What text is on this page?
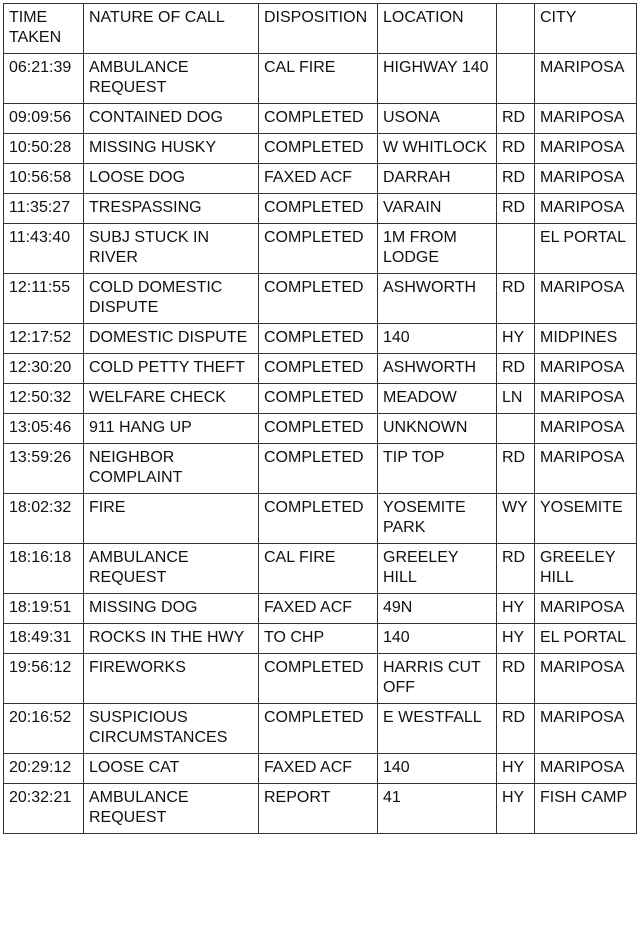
TIME TAKEN	NATURE OF CALL	DISPOSITION	LOCATION		CITY
06:21:39	AMBULANCE REQUEST	CAL FIRE	HIGHWAY 140		MARIPOSA
09:09:56	CONTAINED DOG	COMPLETED	USONA	RD	MARIPOSA
10:50:28	MISSING HUSKY	COMPLETED	W WHITLOCK	RD	MARIPOSA
10:56:58	LOOSE DOG	FAXED ACF	DARRAH	RD	MARIPOSA
11:35:27	TRESPASSING	COMPLETED	VARAIN	RD	MARIPOSA
11:43:40	SUBJ STUCK IN RIVER	COMPLETED	1M FROM LODGE		EL PORTAL
12:11:55	COLD DOMESTIC DISPUTE	COMPLETED	ASHWORTH	RD	MARIPOSA
12:17:52	DOMESTIC DISPUTE	COMPLETED	140	HY	MIDPINES
12:30:20	COLD PETTY THEFT	COMPLETED	ASHWORTH	RD	MARIPOSA
12:50:32	WELFARE CHECK	COMPLETED	MEADOW	LN	MARIPOSA
13:05:46	911 HANG UP	COMPLETED	UNKNOWN		MARIPOSA
13:59:26	NEIGHBOR COMPLAINT	COMPLETED	TIP TOP	RD	MARIPOSA
18:02:32	FIRE	COMPLETED	YOSEMITE PARK	WY	YOSEMITE
18:16:18	AMBULANCE REQUEST	CAL FIRE	GREELEY HILL	RD	GREELEY HILL
18:19:51	MISSING DOG	FAXED ACF	49N	HY	MARIPOSA
18:49:31	ROCKS IN THE HWY	TO CHP	140	HY	EL PORTAL
19:56:12	FIREWORKS	COMPLETED	HARRIS CUT OFF	RD	MARIPOSA
20:16:52	SUSPICIOUS CIRCUMSTANCES	COMPLETED	E WESTFALL	RD	MARIPOSA
20:29:12	LOOSE CAT	FAXED ACF	140	HY	MARIPOSA
20:32:21	AMBULANCE REQUEST	REPORT	41	HY	FISH CAMP
